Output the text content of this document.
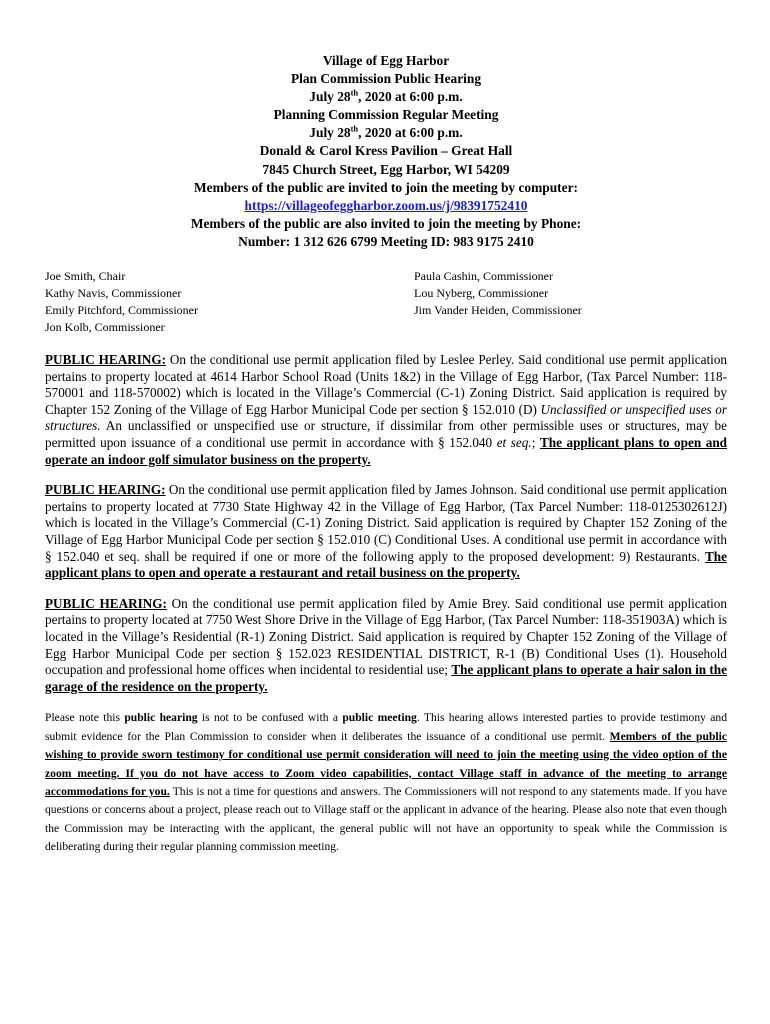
Village of Egg Harbor
Plan Commission Public Hearing
July 28th, 2020 at 6:00 p.m.
Planning Commission Regular Meeting
July 28th, 2020 at 6:00 p.m.
Donald & Carol Kress Pavilion – Great Hall
7845 Church Street, Egg Harbor, WI 54209
Members of the public are invited to join the meeting by computer:
https://villageofeggharbor.zoom.us/j/98391752410
Members of the public are also invited to join the meeting by Phone:
Number: 1 312 626 6799 Meeting ID: 983 9175 2410
Joe Smith, Chair
Kathy Navis, Commissioner
Emily Pitchford, Commissioner
Jon Kolb, Commissioner
Paula Cashin, Commissioner
Lou Nyberg, Commissioner
Jim Vander Heiden, Commissioner

PUBLIC HEARING: On the conditional use permit application filed by Leslee Perley. Said conditional use permit application pertains to property located at 4614 Harbor School Road (Units 1&2) in the Village of Egg Harbor, (Tax Parcel Number: 118-570001 and 118-570002) which is located in the Village’s Commercial (C-1) Zoning District. Said application is required by Chapter 152 Zoning of the Village of Egg Harbor Municipal Code per section § 152.010 (D) Unclassified or unspecified uses or structures. An unclassified or unspecified use or structure, if dissimilar from other permissible uses or structures, may be permitted upon issuance of a conditional use permit in accordance with § 152.040 et seq.; The applicant plans to open and operate an indoor golf simulator business on the property.

PUBLIC HEARING: On the conditional use permit application filed by James Johnson. Said conditional use permit application pertains to property located at 7730 State Highway 42 in the Village of Egg Harbor, (Tax Parcel Number: 118-0125302612J) which is located in the Village’s Commercial (C-1) Zoning District. Said application is required by Chapter 152 Zoning of the Village of Egg Harbor Municipal Code per section § 152.010 (C) Conditional Uses. A conditional use permit in accordance with § 152.040 et seq. shall be required if one or more of the following apply to the proposed development: 9) Restaurants. The applicant plans to open and operate a restaurant and retail business on the property.

PUBLIC HEARING: On the conditional use permit application filed by Amie Brey. Said conditional use permit application pertains to property located at 7750 West Shore Drive in the Village of Egg Harbor, (Tax Parcel Number: 118-351903A) which is located in the Village’s Residential (R-1) Zoning District. Said application is required by Chapter 152 Zoning of the Village of Egg Harbor Municipal Code per section § 152.023 RESIDENTIAL DISTRICT, R-1 (B) Conditional Uses (1). Household occupation and professional home offices when incidental to residential use; The applicant plans to operate a hair salon in the garage of the residence on the property.

Please note this public hearing is not to be confused with a public meeting. This hearing allows interested parties to provide testimony and submit evidence for the Plan Commission to consider when it deliberates the issuance of a conditional use permit. Members of the public wishing to provide sworn testimony for conditional use permit consideration will need to join the meeting using the video option of the zoom meeting. If you do not have access to Zoom video capabilities, contact Village staff in advance of the meeting to arrange accommodations for you. This is not a time for questions and answers. The Commissioners will not respond to any statements made. If you have questions or concerns about a project, please reach out to Village staff or the applicant in advance of the hearing. Please also note that even though the Commission may be interacting with the applicant, the general public will not have an opportunity to speak while the Commission is deliberating during their regular planning commission meeting.
